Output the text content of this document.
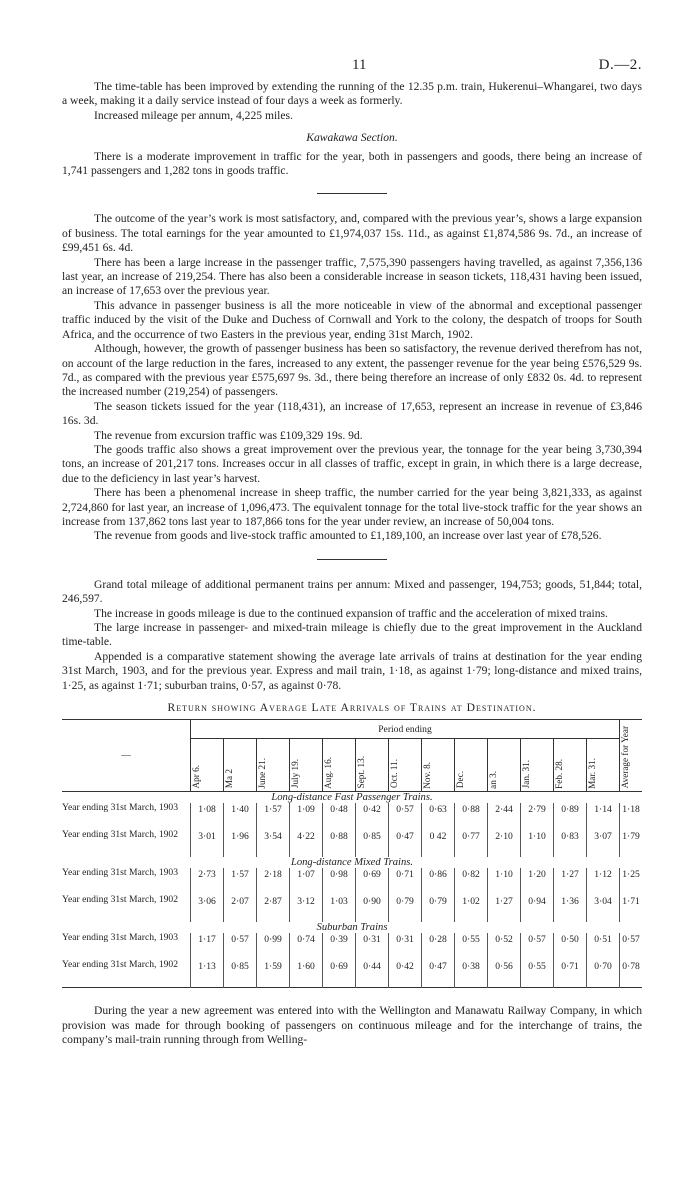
11	D.—2.

The time-table has been improved by extending the running of the 12.35 p.m. train, Hukerenui–Whangarei, two days a week, making it a daily service instead of four days a week as formerly.

Increased mileage per annum, 4,225 miles.

Kawakawa Section.

There is a moderate improvement in traffic for the year, both in passengers and goods, there being an increase of 1,741 passengers and 1,282 tons in goods traffic.

The outcome of the year’s work is most satisfactory, and, compared with the previous year’s, shows a large expansion of business. The total earnings for the year amounted to £1,974,037 15s. 11d., as against £1,874,586 9s. 7d., an increase of £99,451 6s. 4d.

There has been a large increase in the passenger traffic, 7,575,390 passengers having travelled, as against 7,356,136 last year, an increase of 219,254. There has also been a considerable increase in season tickets, 118,431 having been issued, an increase of 17,653 over the previous year.

This advance in passenger business is all the more noticeable in view of the abnormal and exceptional passenger traffic induced by the visit of the Duke and Duchess of Cornwall and York to the colony, the despatch of troops for South Africa, and the occurrence of two Easters in the previous year, ending 31st March, 1902.

Although, however, the growth of passenger business has been so satisfactory, the revenue derived therefrom has not, on account of the large reduction in the fares, increased to any extent, the passenger revenue for the year being £576,529 9s. 7d., as compared with the previous year £575,697 9s. 3d., there being therefore an increase of only £832 0s. 4d. to represent the increased number (219,254) of passengers.

The season tickets issued for the year (118,431), an increase of 17,653, represent an increase in revenue of £3,846 16s. 3d.

The revenue from excursion traffic was £109,329 19s. 9d.

The goods traffic also shows a great improvement over the previous year, the tonnage for the year being 3,730,394 tons, an increase of 201,217 tons. Increases occur in all classes of traffic, except in grain, in which there is a large decrease, due to the deficiency in last year’s harvest.

There has been a phenomenal increase in sheep traffic, the number carried for the year being 3,821,333, as against 2,724,860 for last year, an increase of 1,096,473. The equivalent tonnage for the total live-stock traffic for the year shows an increase from 137,862 tons last year to 187,866 tons for the year under review, an increase of 50,004 tons.

The revenue from goods and live-stock traffic amounted to £1,189,100, an increase over last year of £78,526.

Grand total mileage of additional permanent trains per annum: Mixed and passenger, 194,753; goods, 51,844; total, 246,597.

The increase in goods mileage is due to the continued expansion of traffic and the acceleration of mixed trains.

The large increase in passenger- and mixed-train mileage is chiefly due to the great improvement in the Auckland time-table.

Appended is a comparative statement showing the average late arrivals of trains at destination for the year ending 31st March, 1903, and for the previous year. Express and mail train, 1·18, as against 1·79; long-distance and mixed trains, 1·25, as against 1·71; suburban trains, 0·57, as against 0·78.

Return showing Average Late Arrivals of Trains at Destination.
—	Period ending													Average for Year
	Apr 6.	Ma 2	June 21.	July 19.	Aug. 16.	Sept. 13.	Oct. 11.	Nov. 8.	Dec.	an 3.	Jan. 31.	Feb. 28.	Mar. 31.	
Long-distance Fast Passenger Trains.														
Year ending 31st March, 1903	1·08	1·40	1·57	1·09	0·48	0·42	0·57	0·63	0·88	2·44	2·79	0·89	1·14	1·18
Year ending 31st March, 1902	3·01	1·96	3·54	4·22	0·88	0·85	0·47	0 42	0·77	2·10	1·10	0·83	3·07	1·79
Long-distance Mixed Trains.														
Year ending 31st March, 1903	2·73	1·57	2·18	1·07	0·98	0·69	0·71	0·86	0·82	1·10	1·20	1·27	1·12	1·25
Year ending 31st March, 1902	3·06	2·07	2·87	3·12	1·03	0·90	0·79	0·79	1·02	1·27	0·94	1·36	3·04	1·71
Suburban Trains														
Year ending 31st March, 1903	1·17	0·57	0·99	0·74	0·39	0·31	0·31	0·28	0·55	0·52	0·57	0·50	0·51	0·57
Year ending 31st March, 1902	1·13	0·85	1·59	1·60	0·69	0·44	0·42	0·47	0·38	0·56	0·55	0·71	0·70	0·78

During the year a new agreement was entered into with the Wellington and Manawatu Railway Company, in which provision was made for through booking of passengers on continuous mileage and for the interchange of trains, the company’s mail-train running through from Welling-
